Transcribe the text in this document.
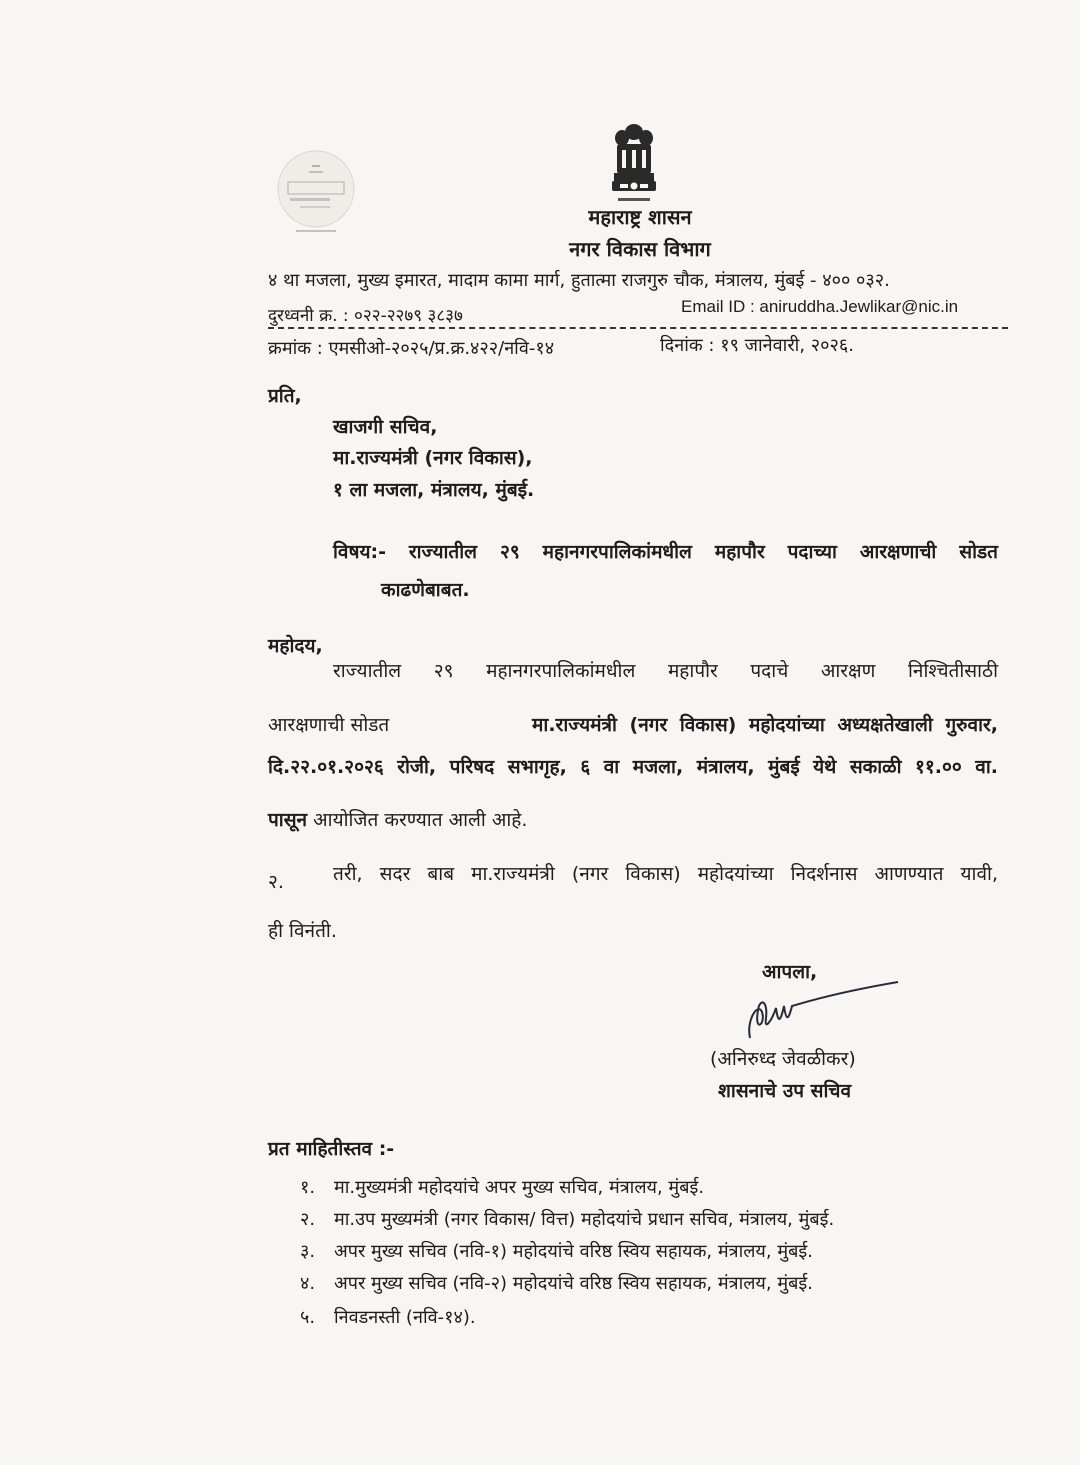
महाराष्ट्र शासन
नगर विकास विभाग
४ था मजला, मुख्य इमारत, मादाम कामा मार्ग, हुतात्मा राजगुरु चौक, मंत्रालय, मुंबई - ४०० ०३२.
दुरध्वनी क्र. : ०२२-२२७९ ३८३७	Email ID : aniruddha.Jewlikar@nic.in
क्रमांक : एमसीओ-२०२५/प्र.क्र.४२२/नवि-१४	दिनांक : १९ जानेवारी, २०२६.
प्रति,
खाजगी सचिव,
मा.राज्यमंत्री (नगर विकास),
१ ला मजला, मंत्रालय, मुंबई.
विषय:- राज्यातील २९ महानगरपालिकांमधील महापौर पदाच्या आरक्षणाची सोडत
काढणेबाबत.
महोदय,
राज्यातील २९ महानगरपालिकांमधील महापौर पदाचे आरक्षण निश्चितीसाठी
आरक्षणाची सोडत	मा.राज्यमंत्री (नगर विकास) महोदयांच्या अध्यक्षतेखाली गुरुवार,
दि.२२.०१.२०२६ रोजी, परिषद सभागृह, ६ वा मजला, मंत्रालय, मुंबई येथे सकाळी ११.०० वा.
पासून आयोजित करण्यात आली आहे.
२.	तरी, सदर बाब मा.राज्यमंत्री (नगर विकास) महोदयांच्या निदर्शनास आणण्यात यावी,
ही विनंती.
आपला,
(अनिरुध्द जेवळीकर)
शासनाचे उप सचिव
प्रत माहितीस्तव :-
१. मा.मुख्यमंत्री महोदयांचे अपर मुख्य सचिव, मंत्रालय, मुंबई.
२. मा.उप मुख्यमंत्री (नगर विकास/ वित्त) महोदयांचे प्रधान सचिव, मंत्रालय, मुंबई.
३. अपर मुख्य सचिव (नवि-१) महोदयांचे वरिष्ठ स्विय सहायक, मंत्रालय, मुंबई.
४. अपर मुख्य सचिव (नवि-२) महोदयांचे वरिष्ठ स्विय सहायक, मंत्रालय, मुंबई.
५. निवडनस्ती (नवि-१४).
